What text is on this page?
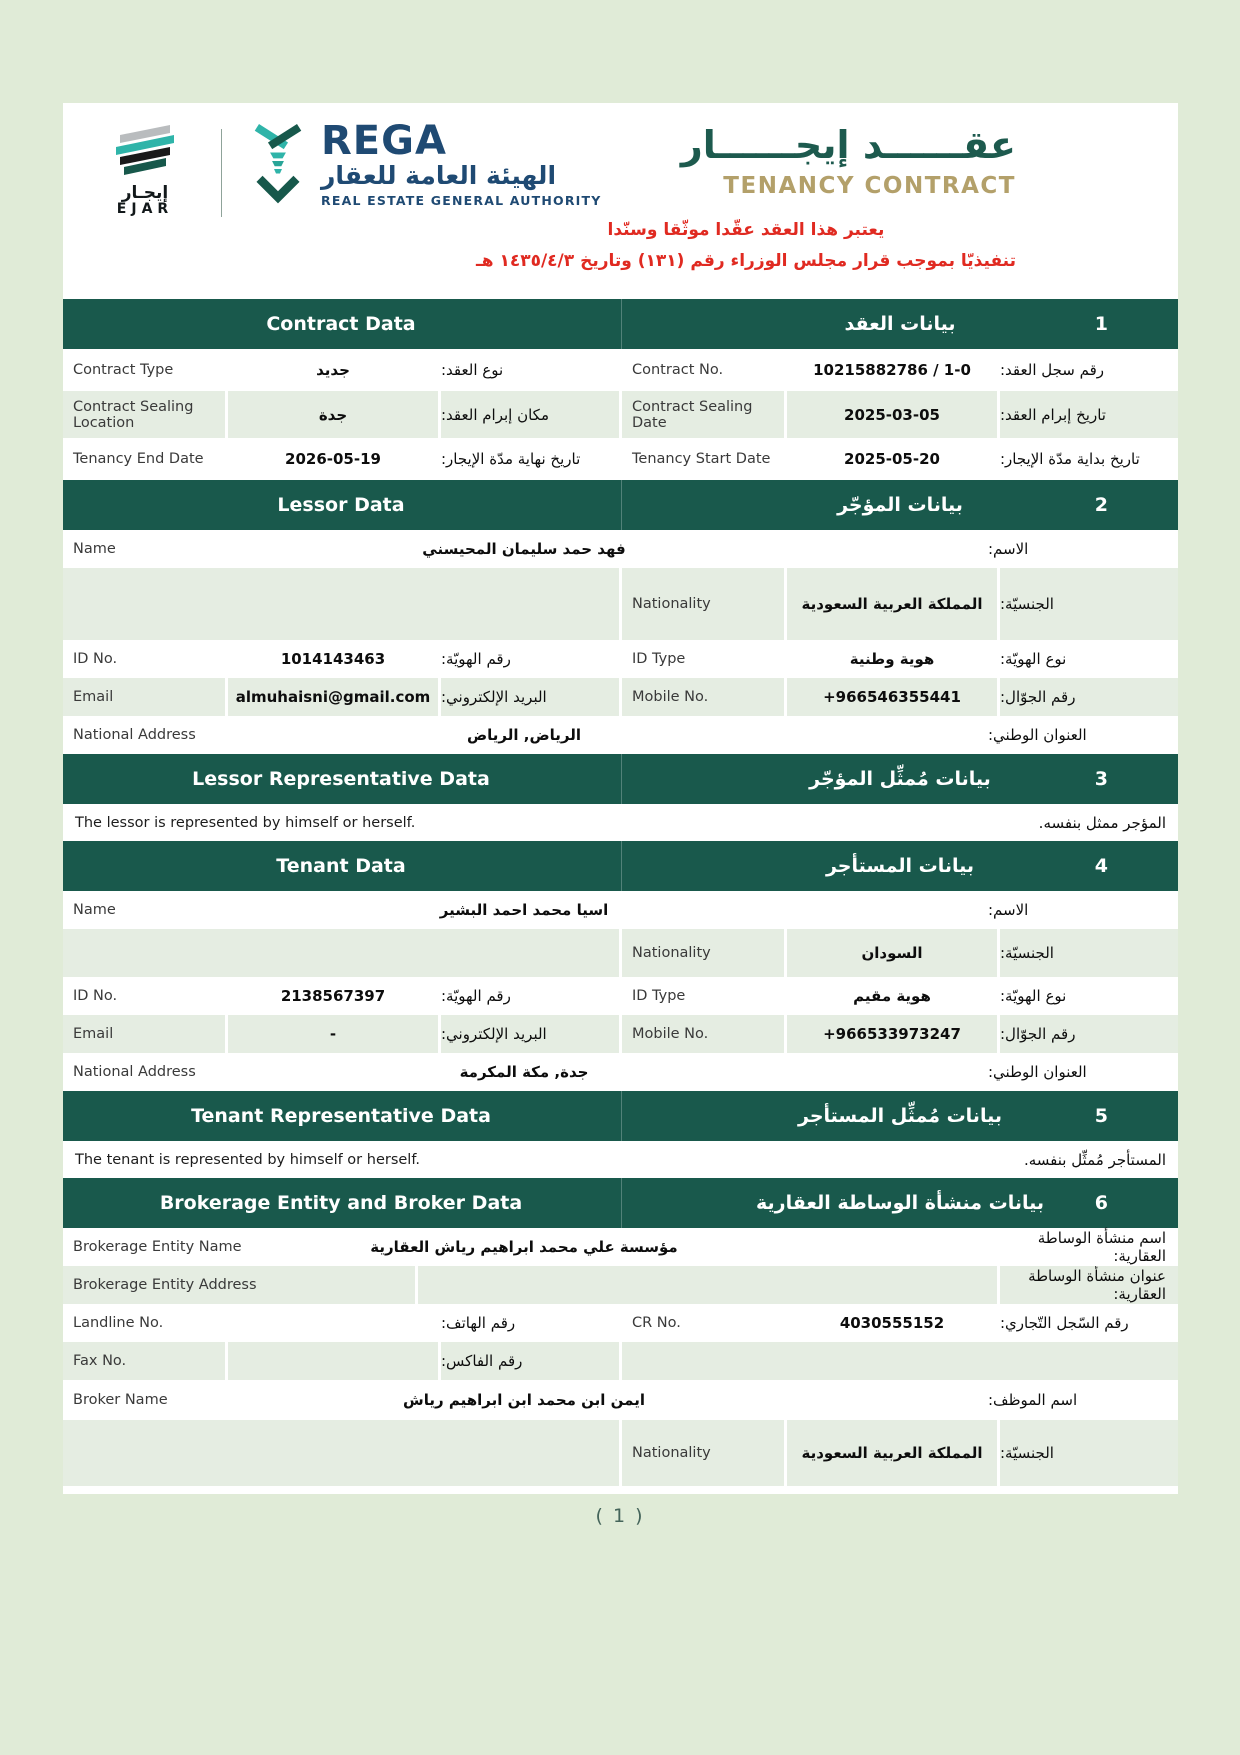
إيجـار
EJAR
REGA
الهيئة العامة للعقار
REAL ESTATE GENERAL AUTHORITY
عقــــــد إيجــــــار
TENANCY CONTRACT
يعتبر هذا العقد عقّدا موثّقا وسنّدا
تنفيذيّا بموجب قرار مجلس الوزراء رقم (١٣١) وتاريخ ١٤٣٥/٤/٣ هـ
Contract Data	بيانات العقد	1
Contract Type	جديد	نوع العقد:	Contract No.	10215882786 / 1-0	رقم سجل العقد:
Contract Sealing Location	جدة	مكان إبرام العقد:	Contract Sealing Date	2025-03-05	تاريخ إبرام العقد:
Tenancy End Date	2026-05-19	تاريخ نهاية مدّة الإيجار:	Tenancy Start Date	2025-05-20	تاريخ بداية مدّة الإيجار:
Lessor Data	بيانات المؤجّر	2
Name	فهد حمد سليمان المحيسني	الاسم:
Nationality	المملكة العربية السعودية	الجنسيّة:
ID No.	1014143463	رقم الهويّة:	ID Type	هوية وطنية	نوع الهويّة:
Email	almuhaisni@gmail.com البريد الإلكتروني:	Mobile No.	+966546355441	رقم الجوّال:
National Address	الرياض, الرياض	العنوان الوطني:
Lessor Representative Data	بيانات مُمثِّل المؤجّر	3
The lessor is represented by himself or herself.	المؤجر ممثل بنفسه.
Tenant Data	بيانات المستأجر	4
Name	اسيا محمد احمد البشير	الاسم:
Nationality	السودان	الجنسيّة:
ID No.	2138567397	رقم الهويّة:	ID Type	هوية مقيم	نوع الهويّة:
Email	-	البريد الإلكتروني:	Mobile No.	+966533973247	رقم الجوّال:
National Address	جدة, مكة المكرمة	العنوان الوطني:
Tenant Representative Data	بيانات مُمثِّل المستأجر	5
The tenant is represented by himself or herself.	المستأجر مُمثِّل بنفسه.
Brokerage Entity and Broker Data	بيانات منشأة الوساطة العقارية	6
Brokerage Entity Name	مؤسسة علي محمد ابراهيم رياش العقارية	اسم منشأة الوساطة العقارية:
Brokerage Entity Address	عنوان منشأة الوساطة العقارية:
Landline No.	رقم الهاتف:	CR No.	4030555152	رقم السّجل التّجاري:
Fax No.	رقم الفاكس:
Broker Name	ايمن ابن محمد ابن ابراهيم رياش	اسم الموظف:
Nationality	المملكة العربية السعودية	الجنسيّة:
( 1 )
